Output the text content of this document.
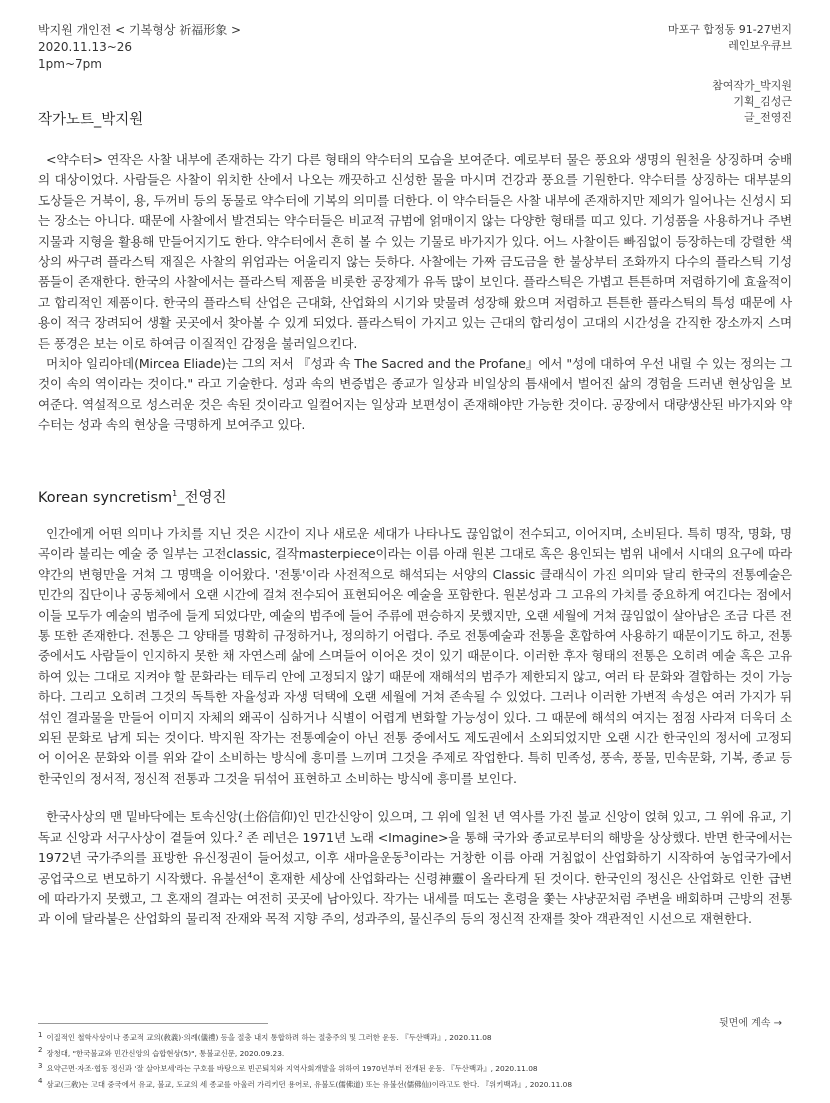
박지원 개인전 < 기복형상 祈福形象 >
2020.11.13~26
1pm~7pm
마포구 합정동 91-27번지
레인보우큐브
참여작가_박지원
기획_김성근
글_전영진
작가노트_박지원

<약수터> 연작은 사찰 내부에 존재하는 각기 다른 형태의 약수터의 모습을 보여준다. 예로부터 물은 풍요와 생명의 원천을 상징하며 숭배의 대상이었다. 사람들은 사찰이 위치한 산에서 나오는 깨끗하고 신성한 물을 마시며 건강과 풍요를 기원한다. 약수터를 상징하는 대부분의 도상들은 거북이, 용, 두꺼비 등의 동물로 약수터에 기복의 의미를 더한다. 이 약수터들은 사찰 내부에 존재하지만 제의가 일어나는 신성시 되는 장소는 아니다. 때문에 사찰에서 발견되는 약수터들은 비교적 규범에 얽매이지 않는 다양한 형태를 띠고 있다. 기성품을 사용하거나 주변 지물과 지형을 활용해 만들어지기도 한다. 약수터에서 흔히 볼 수 있는 기물로 바가지가 있다. 어느 사찰이든 빠짐없이 등장하는데 강렬한 색상의 싸구려 플라스틱 재질은 사찰의 위엄과는 어울리지 않는 듯하다. 사찰에는 가짜 금도금을 한 불상부터 조화까지 다수의 플라스틱 기성품들이 존재한다. 한국의 사찰에서는 플라스틱 제품을 비롯한 공장제가 유독 많이 보인다. 플라스틱은 가볍고 튼튼하며 저렴하기에 효율적이고 합리적인 제품이다. 한국의 플라스틱 산업은 근대화, 산업화의 시기와 맞물려 성장해 왔으며 저렴하고 튼튼한 플라스틱의 특성 때문에 사용이 적극 장려되어 생활 곳곳에서 찾아볼 수 있게 되었다. 플라스틱이 가지고 있는 근대의 합리성이 고대의 시간성을 간직한 장소까지 스며든 풍경은 보는 이로 하여금 이질적인 감정을 불러일으킨다.

머치아 일리아데(Mircea Eliade)는 그의 저서 『성과 속 The Sacred and the Profane』에서 "성에 대하여 우선 내릴 수 있는 정의는 그것이 속의 역이라는 것이다." 라고 기술한다. 성과 속의 변증법은 종교가 일상과 비일상의 틈새에서 벌어진 삶의 경험을 드러낸 현상임을 보여준다. 역설적으로 성스러운 것은 속된 것이라고 일컬어지는 일상과 보편성이 존재해야만 가능한 것이다. 공장에서 대량생산된 바가지와 약수터는 성과 속의 현상을 극명하게 보여주고 있다.

Korean syncretism$^1$_전영진

인간에게 어떤 의미나 가치를 지닌 것은 시간이 지나 새로운 세대가 나타나도 끊임없이 전수되고, 이어지며, 소비된다. 특히 명작, 명화, 명곡이라 불리는 예술 중 일부는 고전classic, 걸작masterpiece이라는 이름 아래 원본 그대로 혹은 용인되는 범위 내에서 시대의 요구에 따라 약간의 변형만을 거쳐 그 명맥을 이어왔다. '전통'이라 사전적으로 해석되는 서양의 Classic 클래식이 가진 의미와 달리 한국의 전통예술은 민간의 집단이나 공동체에서 오랜 시간에 걸쳐 전수되어 표현되어온 예술을 포함한다. 원본성과 그 고유의 가치를 중요하게 여긴다는 점에서 이들 모두가 예술의 범주에 들게 되었다만, 예술의 범주에 들어 주류에 편승하지 못했지만, 오랜 세월에 거쳐 끊임없이 살아남은 조금 다른 전통 또한 존재한다. 전통은 그 양태를 명확히 규정하거나, 정의하기 어렵다. 주로 전통예술과 전통을 혼합하여 사용하기 때문이기도 하고, 전통 중에서도 사람들이 인지하지 못한 채 자연스레 삶에 스며들어 이어온 것이 있기 때문이다. 이러한 후자 형태의 전통은 오히려 예술 혹은 고유하여 있는 그대로 지켜야 할 문화라는 테두리 안에 고정되지 않기 때문에 재해석의 범주가 제한되지 않고, 여러 타 문화와 결합하는 것이 가능하다. 그리고 오히려 그것의 독특한 자율성과 자생 덕택에 오랜 세월에 거쳐 존속될 수 있었다. 그러나 이러한 가변적 속성은 여러 가지가 뒤섞인 결과물을 만들어 이미지 자체의 왜곡이 심하거나 식별이 어렵게 변화할 가능성이 있다. 그 때문에 해석의 여지는 점점 사라져 더욱더 소외된 문화로 남게 되는 것이다. 박지원 작가는 전통예술이 아닌 전통 중에서도 제도권에서 소외되었지만 오랜 시간 한국인의 정서에 고정되어 이어온 문화와 이를 위와 같이 소비하는 방식에 흥미를 느끼며 그것을 주제로 작업한다. 특히 민족성, 풍속, 풍물, 민속문화, 기복, 종교 등 한국인의 정서적, 정신적 전통과 그것을 뒤섞어 표현하고 소비하는 방식에 흥미를 보인다.

한국사상의 맨 밑바닥에는 토속신앙(土俗信仰)인 민간신앙이 있으며, 그 위에 일천 년 역사를 가진 불교 신앙이 얹혀 있고, 그 위에 유교, 기독교 신앙과 서구사상이 곁들여 있다.$^2$ 존 레넌은 1971년 노래 <Imagine>을 통해 국가와 종교로부터의 해방을 상상했다. 반면 한국에서는 1972년 국가주의를 표방한 유신정권이 들어섰고, 이후 새마을운동$^3$이라는 거창한 이름 아래 거침없이 산업화하기 시작하여 농업국가에서 공업국으로 변모하기 시작했다. 유불선$^4$이 혼재한 세상에 산업화라는 신령神靈이 올라타게 된 것이다. 한국인의 정신은 산업화로 인한 급변에 따라가지 못했고, 그 혼재의 결과는 여전히 곳곳에 남아있다. 작가는 내세를 떠도는 혼령을 쫓는 샤냥꾼처럼 주변을 배회하며 근방의 전통과 이에 달라붙은 산업화의 물리적 잔재와 목적 지향 주의, 성과주의, 물신주의 등의 정신적 잔재를 찾아 객관적인 시선으로 재현한다.

뒷면에 계속 →
1 이질적인 철학사상이나 종교적 교의(敎義)·의례(儀禮) 등을 절충 내지 통합하려 하는 절충주의 및 그러한 운동. 『두산백과』, 2020.11.08
2 장청대, "한국불교와 민간신앙의 습합현상(5)", 통불교신문, 2020.09.23.
3 요약근면·자조·협동 정신과 '잘 살아보세'라는 구호를 바탕으로 빈곤퇴치와 지역사회개발을 위하여 1970년부터 전개된 운동. 『두산백과』, 2020.11.08
4 삼교(三敎)는 고대 중국에서 유교, 불교, 도교의 세 종교를 아울러 가리키던 용어로, 유불도(儒佛道) 또는 유불선(儒佛仙)이라고도 한다. 『위키백과』, 2020.11.08
